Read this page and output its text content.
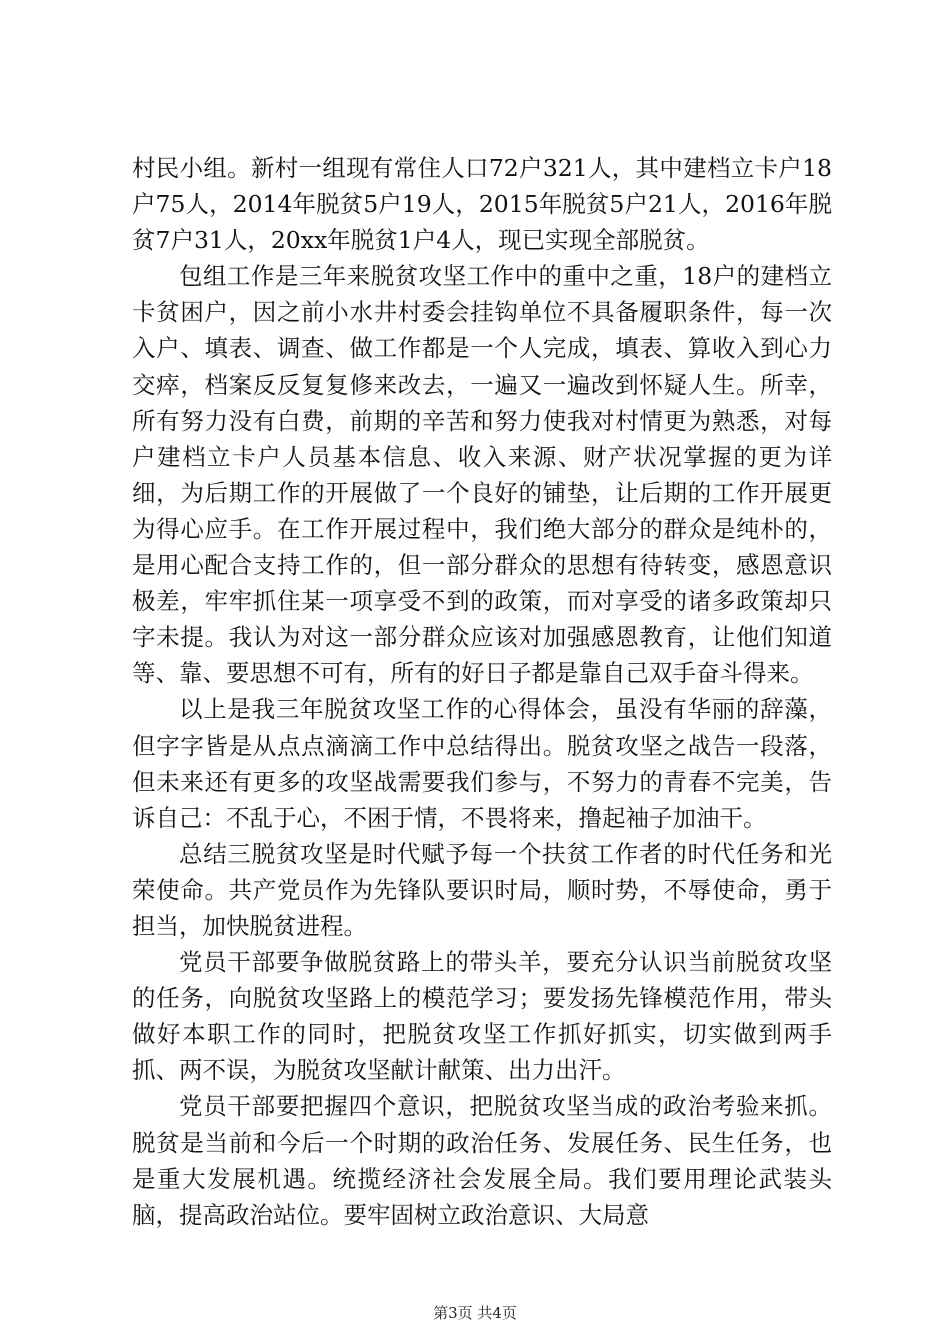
村民小组。新村一组现有常住人口72户321人，其中建档立卡户18户75人，2014年脱贫5户19人，2015年脱贫5户21人，2016年脱贫7户31人，20xx年脱贫1户4人，现已实现全部脱贫。

包组工作是三年来脱贫攻坚工作中的重中之重，18户的建档立卡贫困户，因之前小水井村委会挂钩单位不具备履职条件，每一次入户、填表、调查、做工作都是一个人完成，填表、算收入到心力交瘁，档案反反复复修来改去，一遍又一遍改到怀疑人生。所幸，所有努力没有白费，前期的辛苦和努力使我对村情更为熟悉，对每户建档立卡户人员基本信息、收入来源、财产状况掌握的更为详细，为后期工作的开展做了一个良好的铺垫，让后期的工作开展更为得心应手。在工作开展过程中，我们绝大部分的群众是纯朴的，是用心配合支持工作的，但一部分群众的思想有待转变，感恩意识极差，牢牢抓住某一项享受不到的政策，而对享受的诸多政策却只字未提。我认为对这一部分群众应该对加强感恩教育，让他们知道等、靠、要思想不可有，所有的好日子都是靠自己双手奋斗得来。

以上是我三年脱贫攻坚工作的心得体会，虽没有华丽的辞藻，但字字皆是从点点滴滴工作中总结得出。脱贫攻坚之战告一段落，但未来还有更多的攻坚战需要我们参与，不努力的青春不完美，告诉自己：不乱于心，不困于情，不畏将来，撸起袖子加油干。

总结三脱贫攻坚是时代赋予每一个扶贫工作者的时代任务和光荣使命。共产党员作为先锋队要识时局，顺时势，不辱使命，勇于担当，加快脱贫进程。

党员干部要争做脱贫路上的带头羊，要充分认识当前脱贫攻坚的任务，向脱贫攻坚路上的模范学习；要发扬先锋模范作用，带头做好本职工作的同时，把脱贫攻坚工作抓好抓实，切实做到两手抓、两不误，为脱贫攻坚献计献策、出力出汗。

党员干部要把握四个意识，把脱贫攻坚当成的政治考验来抓。脱贫是当前和今后一个时期的政治任务、发展任务、民生任务，也是重大发展机遇。统揽经济社会发展全局。我们要用理论武装头脑，提高政治站位。要牢固树立政治意识、大局意

第3页 共4页
